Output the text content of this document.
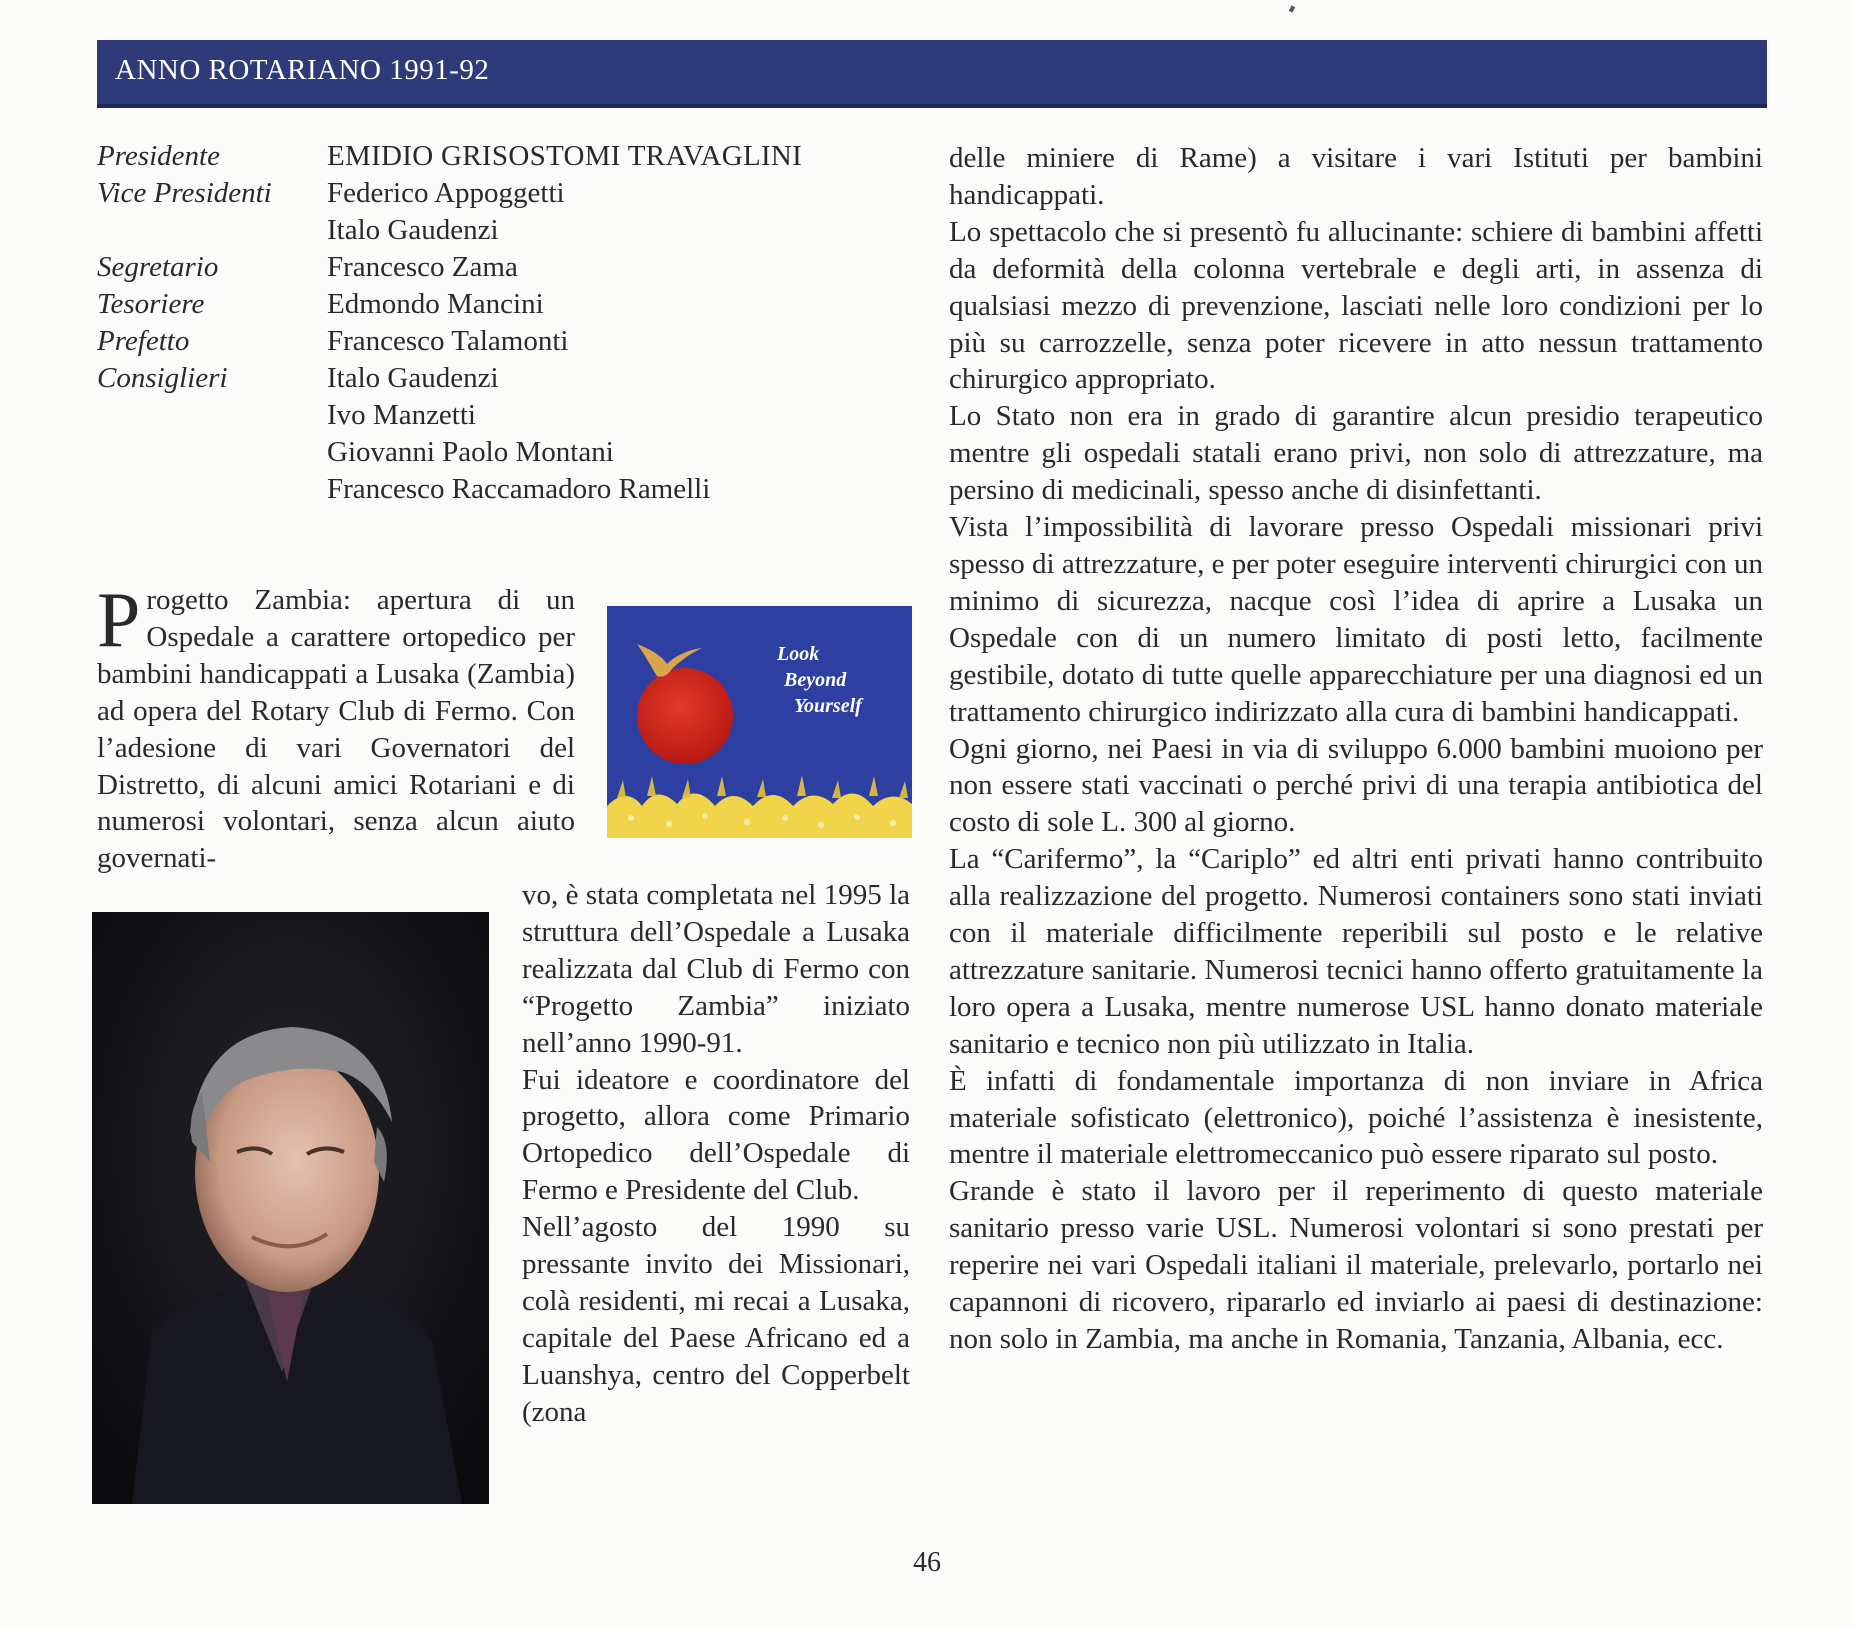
ANNO ROTARIANO 1991-92
Presidente
Vice Presidenti
Segretario
Tesoriere
Prefetto
Consiglieri
EMIDIO GRISOSTOMI TRAVAGLINI
Federico Appoggetti
Italo Gaudenzi
Francesco Zama
Edmondo Mancini
Francesco Talamonti
Italo Gaudenzi
Ivo Manzetti
Giovanni Paolo Montani
Francesco Raccamadoro Ramelli
Look
Beyond
Yourself
Progetto Zambia: apertura di un Ospedale a carattere ortopedico per bambini handicappati a Lusaka (Zambia) ad opera del Rotary Club di Fermo. Con l’adesione di vari Governatori del Distretto, di alcuni amici Rotariani e di numerosi volontari, senza alcun aiuto governati-

vo, è stata completata nel 1995 la struttura dell’Ospedale a Lusaka realizzata dal Club di Fermo con “Progetto Zambia” iniziato nell’anno 1990-91.

Fui ideatore e coordinatore del progetto, allora come Primario Ortopedico dell’Ospedale di Fermo e Presidente del Club.

Nell’agosto del 1990 su pressante invito dei Missionari, colà residenti, mi recai a Lusaka, capitale del Paese Africano ed a Luanshya, centro del Copperbelt (zona

delle miniere di Rame) a visitare i vari Istituti per bambini handicappati.

Lo spettacolo che si presentò fu allucinante: schiere di bambini affetti da deformità della colonna vertebrale e degli arti, in assenza di qualsiasi mezzo di prevenzione, lasciati nelle loro condizioni per lo più su carrozzelle, senza poter ricevere in atto nessun trattamento chirurgico appropriato.

Lo Stato non era in grado di garantire alcun presidio terapeutico mentre gli ospedali statali erano privi, non solo di attrezzature, ma persino di medicinali, spesso anche di disinfettanti.

Vista l’impossibilità di lavorare presso Ospedali missionari privi spesso di attrezzature, e per poter eseguire interventi chirurgici con un minimo di sicurezza, nacque così l’idea di aprire a Lusaka un Ospedale con di un numero limitato di posti letto, facilmente gestibile, dotato di tutte quelle apparecchiature per una diagnosi ed un trattamento chirurgico indirizzato alla cura di bambini handicappati.

Ogni giorno, nei Paesi in via di sviluppo 6.000 bambini muoiono per non essere stati vaccinati o perché privi di una terapia antibiotica del costo di sole L. 300 al giorno.

La “Carifermo”, la “Cariplo” ed altri enti privati hanno contribuito alla realizzazione del progetto. Numerosi containers sono stati inviati con il materiale difficilmente reperibili sul posto e le relative attrezzature sanitarie. Numerosi tecnici hanno offerto gratuitamente la loro opera a Lusaka, mentre numerose USL hanno donato materiale sanitario e tecnico non più utilizzato in Italia.

È infatti di fondamentale importanza di non inviare in Africa materiale sofisticato (elettronico), poiché l’assistenza è inesistente, mentre il materiale elettromeccanico può essere riparato sul posto.

Grande è stato il lavoro per il reperimento di questo materiale sanitario presso varie USL. Numerosi volontari si sono prestati per reperire nei vari Ospedali italiani il materiale, prelevarlo, portarlo nei capannoni di ricovero, ripararlo ed inviarlo ai paesi di destinazione: non solo in Zambia, ma anche in Romania, Tanzania, Albania, ecc.

46
